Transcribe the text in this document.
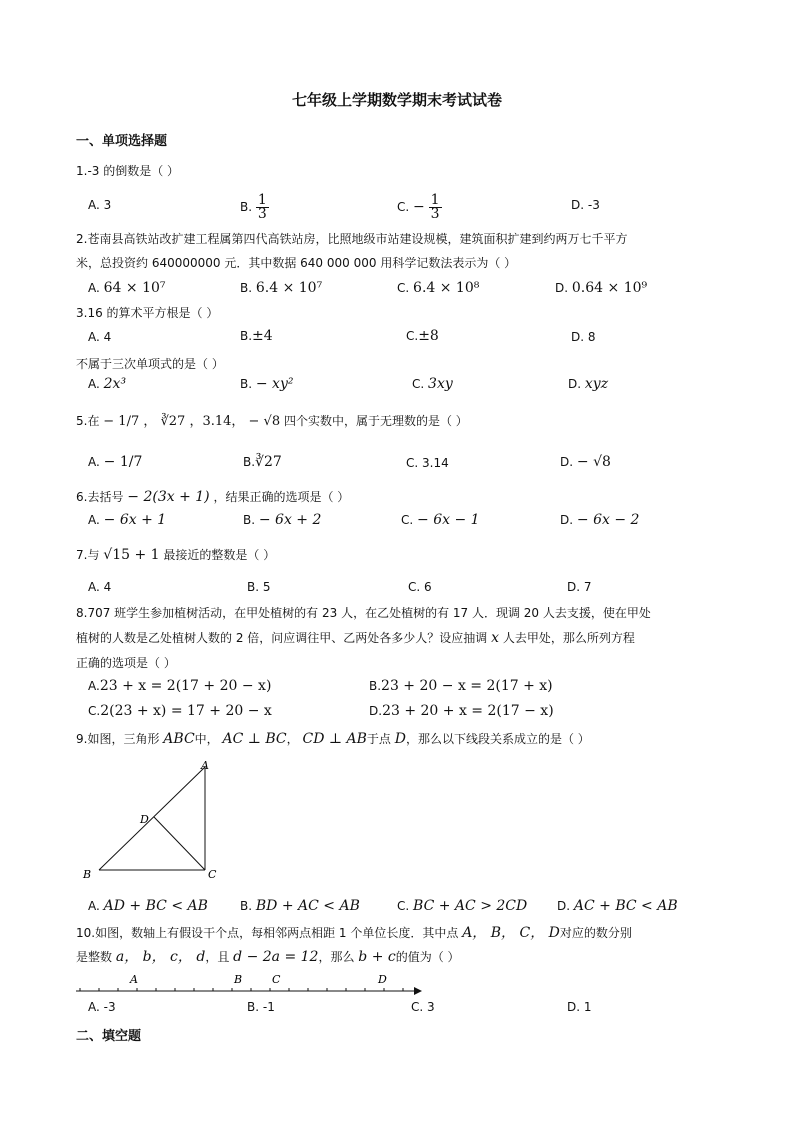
七年级上学期数学期末考试试卷
一、单项选择题
1.-3 的倒数是（ ）
A. 3	B. $\frac{1}{3}$	C. − $\frac{1}{3}$	D. -3
2.苍南县高铁站改扩建工程属第四代高铁站房，比照地级市站建设规模，建筑面积扩建到约两万七千平方
米，总投资约 640000000 元．其中数据 640 000 000 用科学记数法表示为（ ）
A. 64 × 10⁷	B. 6.4 × 10⁷	C. 6.4 × 10⁸	D. 0.64 × 10⁹
3.16 的算术平方根是（ ）
A. 4	B.±4	C.±8	D. 8
不属于三次单项式的是（ ）
A. 2x³	B. − xy²	C. 3xy	D. xyz
5.在 − 1/7 ， ∛27 ，3.14， − √8 四个实数中，属于无理数的是（ ）
A. − 1/7	B.∛27	C. 3.14	D. − √8
6.去括号 − 2(3x + 1) ，结果正确的选项是（ ）
A. − 6x + 1	B. − 6x + 2	C. − 6x − 1	D. − 6x − 2
7.与 √15 + 1 最接近的整数是（ ）
A. 4	B. 5	C. 6	D. 7
8.707 班学生参加植树活动，在甲处植树的有 23 人，在乙处植树的有 17 人．现调 20 人去支援，使在甲处
植树的人数是乙处植树人数的 2 倍，问应调往甲、乙两处各多少人？设应抽调 x 人去甲处，那么所列方程
正确的选项是（ ）
A.23 + x = 2(17 + 20 − x)	B.23 + 20 − x = 2(17 + x)
C.2(23 + x) = 17 + 20 − x	D.23 + 20 + x = 2(17 − x)
9.如图，三角形 ABC中， AC ⊥ BC， CD ⊥ AB于点 D，那么以下线段关系成立的是（ ）
A
B	C
D
A. AD + BC < AB	B. BD + AC < AB	C. BC + AC > 2CD D. AC + BC < AB
10.如图，数轴上有假设干个点，每相邻两点相距 1 个单位长度．其中点 A， B， C， D对应的数分别
是整数 a， b， c， d，且 d − 2a = 12，那么 b + c的值为（ ）
A	B	C	D
A. -3	B. -1	C. 3	D. 1
二、填空题
